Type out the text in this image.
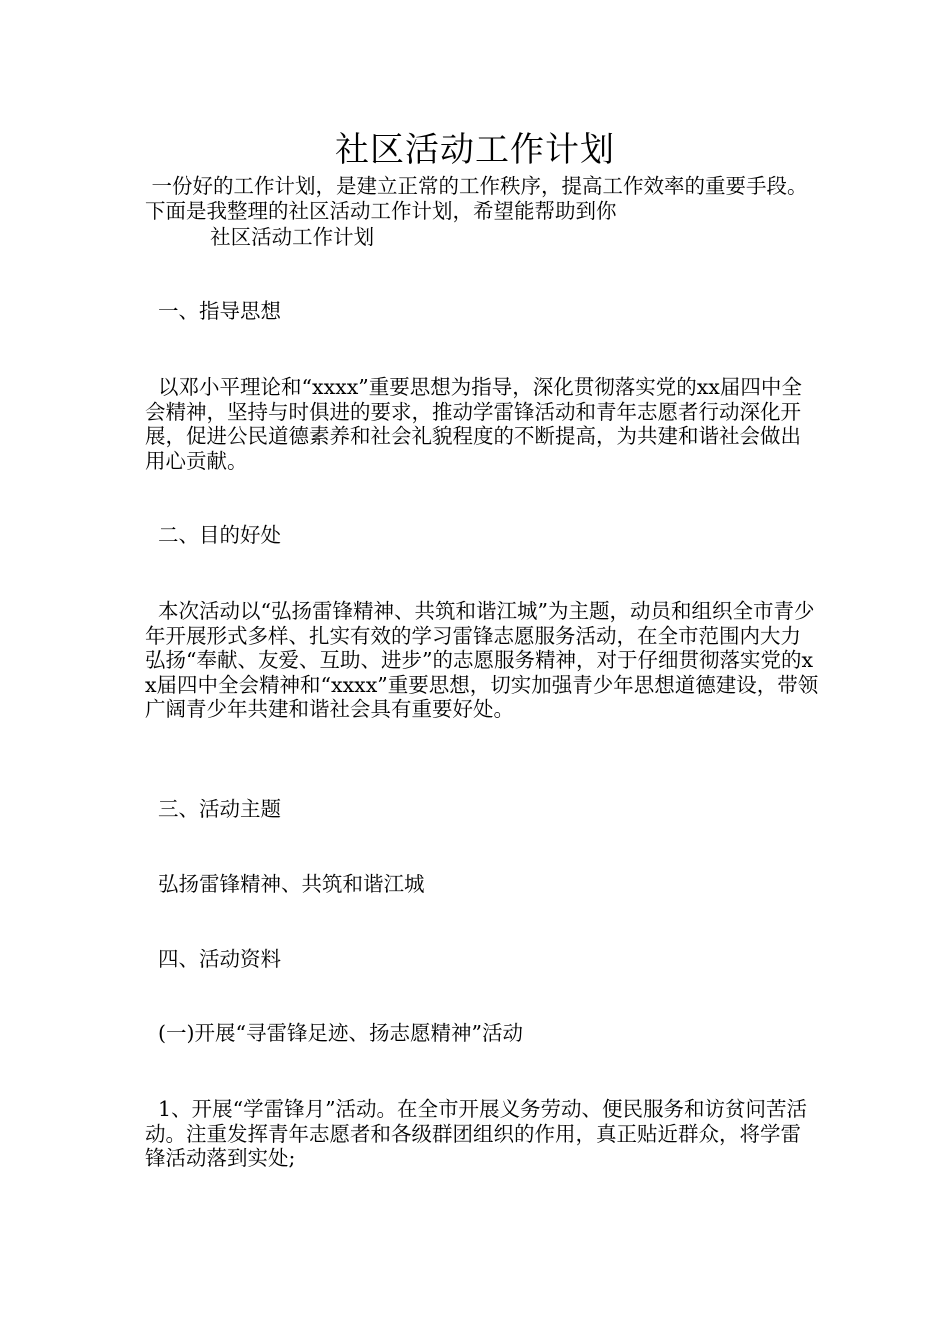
社区活动工作计划

一份好的工作计划，是建立正常的工作秩序，提高工作效率的重要手段。下面是我整理的社区活动工作计划，希望能帮助到你

社区活动工作计划

一、指导思想

以邓小平理论和“xxxx”重要思想为指导，深化贯彻落实党的xx届四中全会精神，坚持与时俱进的要求，推动学雷锋活动和青年志愿者行动深化开展，促进公民道德素养和社会礼貌程度的不断提高，为共建和谐社会做出用心贡献。

二、目的好处

本次活动以“弘扬雷锋精神、共筑和谐江城”为主题，动员和组织全市青少年开展形式多样、扎实有效的学习雷锋志愿服务活动，在全市范围内大力弘扬“奉献、友爱、互助、进步”的志愿服务精神，对于仔细贯彻落实党的xx届四中全会精神和“xxxx”重要思想，切实加强青少年思想道德建设，带领广阔青少年共建和谐社会具有重要好处。

三、活动主题

弘扬雷锋精神、共筑和谐江城

四、活动资料

(一)开展“寻雷锋足迹、扬志愿精神”活动

1、开展“学雷锋月”活动。在全市开展义务劳动、便民服务和访贫问苦活动。注重发挥青年志愿者和各级群团组织的作用，真正贴近群众，将学雷锋活动落到实处;
